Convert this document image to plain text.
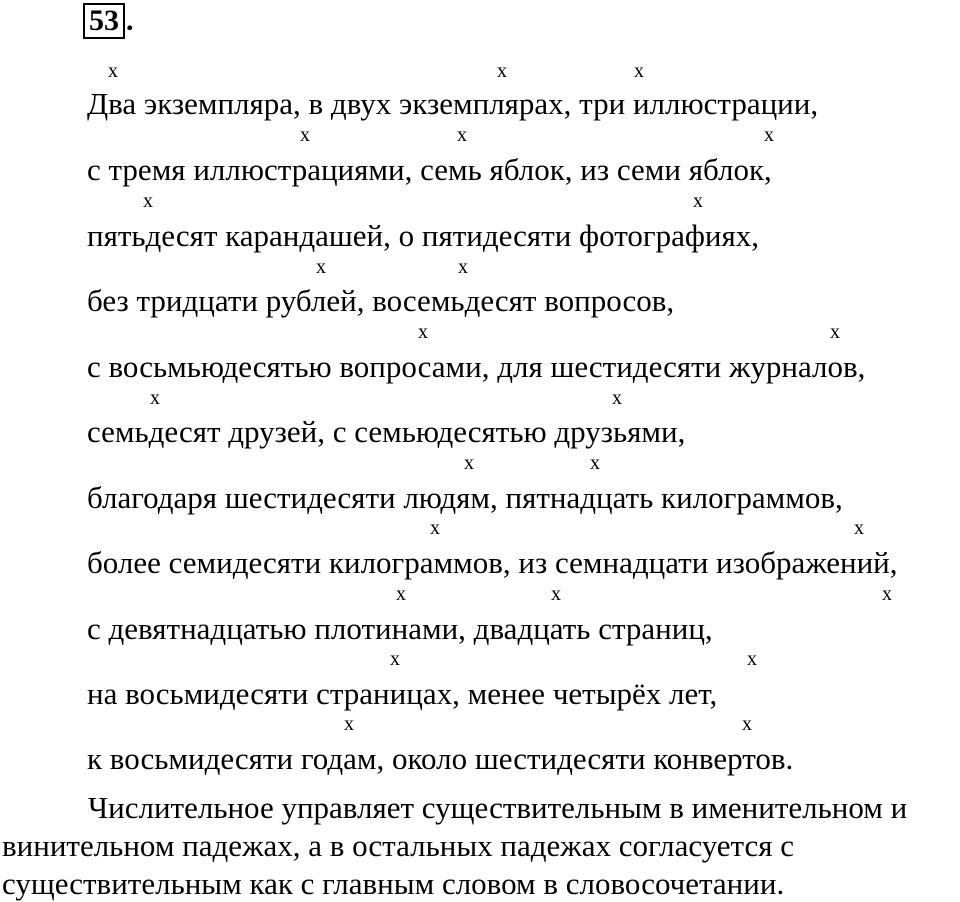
53 .
x	x	x
Два экземпляра, в двух экземплярах, три иллюстрации,
x	x	x
с тремя иллюстрациями, семь яблок, из семи яблок,
x	x
пятьдесят карандашей, о пятидесяти фотографиях,
x	x
без тридцати рублей, восемьдесят вопросов,
x	x
с восьмьюдесятью вопросами, для шестидесяти журналов,
x	x
семьдесят друзей, с семьюдесятью друзьями,
x	x
благодаря шестидесяти людям, пятнадцать килограммов,
x	x
более семидесяти килограммов, из семнадцати изображений,
x	x	x
с девятнадцатью плотинами, двадцать страниц,
x	x
на восьмидесяти страницах, менее четырёх лет,
x	x
к восьмидесяти годам, около шестидесяти конвертов.
Числительное управляет существительным в именительном и
винительном падежах, а в остальных падежах согласуется с
существительным как с главным словом в словосочетании.
